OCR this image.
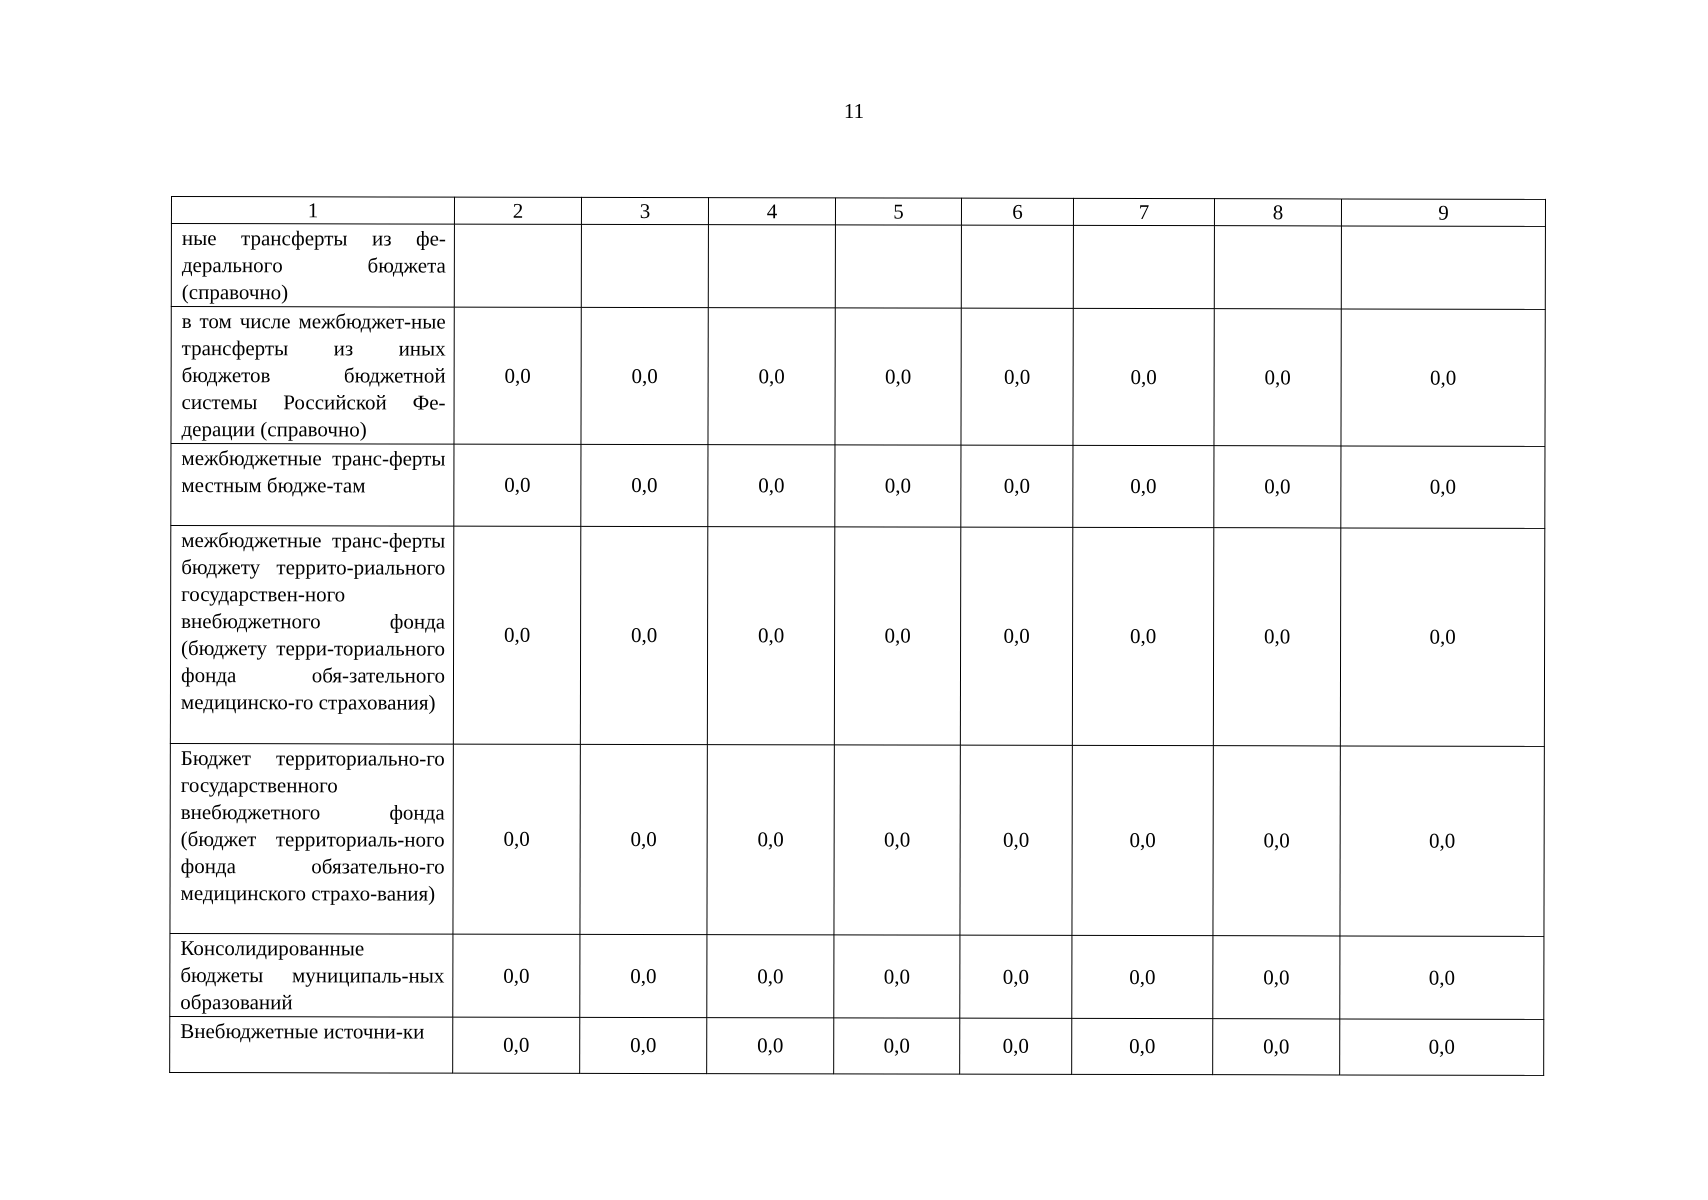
11
1	2	3	4	5	6	7	8	9
ные трансферты из фе-деральногo бюджета (справочно)								
в том числе межбюджет-ные трансферты из иных бюджетов бюджетной системы Российской Фе-дерации (справочно)	0,0	0,0	0,0	0,0	0,0	0,0	0,0	0,0
межбюджетные транс-ферты местным бюдже-там	0,0	0,0	0,0	0,0	0,0	0,0	0,0	0,0
межбюджетные транс-ферты бюджету террито-риального государствен-ного внебюджетного фонда (бюджету терри-ториального фонда обя-зательного медицинско-го страхования)	0,0	0,0	0,0	0,0	0,0	0,0	0,0	0,0
Бюджет территориально-го государственного внебюджетного фонда (бюджет территориаль-ного фонда обязательно-го медицинского страхо-вания)	0,0	0,0	0,0	0,0	0,0	0,0	0,0	0,0
Консолидированные бюджеты муниципаль-ных образований	0,0	0,0	0,0	0,0	0,0	0,0	0,0	0,0
Внебюджетные источни-ки	0,0	0,0	0,0	0,0	0,0	0,0	0,0	0,0
